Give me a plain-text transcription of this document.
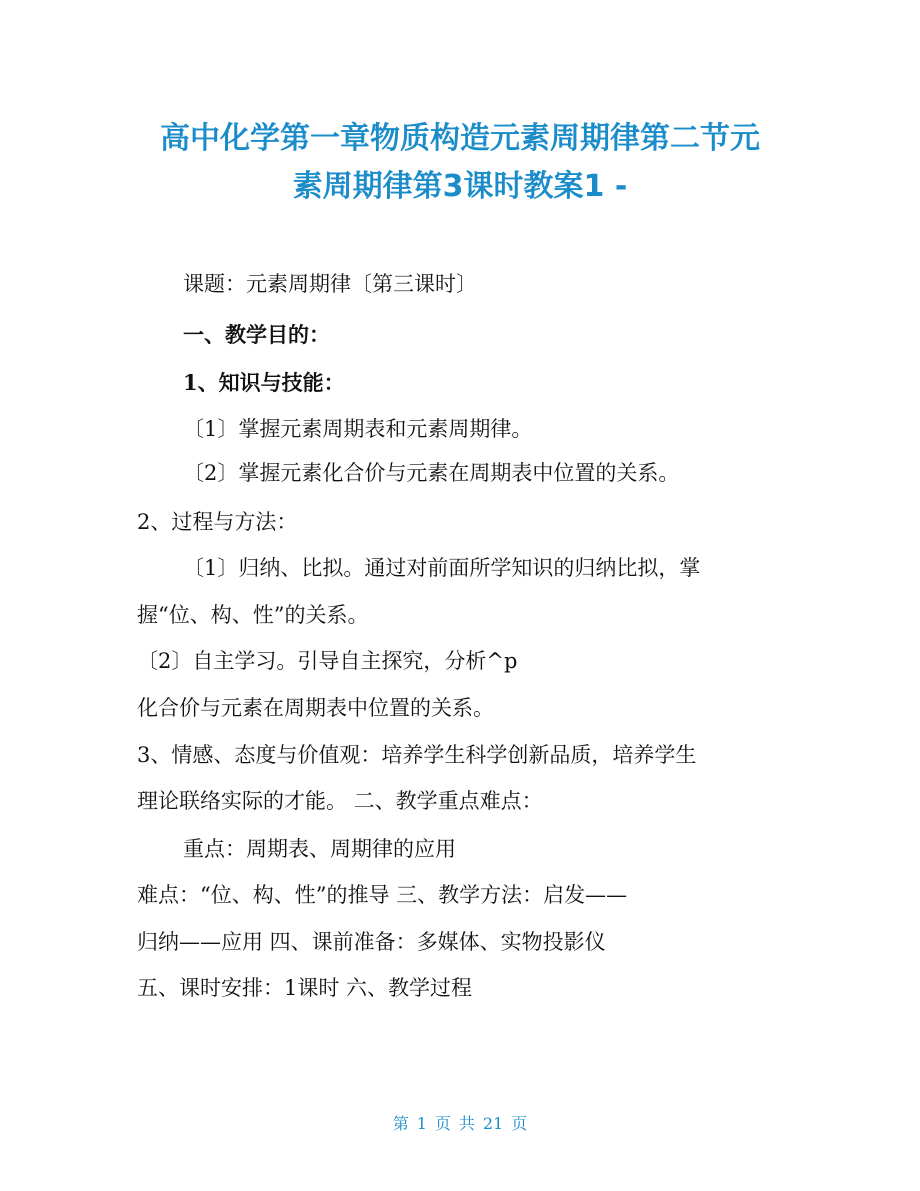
高中化学第一章物质构造元素周期律第二节元
素周期律第3课时教案1 -
课题：元素周期律〔第三课时〕
一、教学目的：
1、知识与技能：
〔1〕掌握元素周期表和元素周期律。
〔2〕掌握元素化合价与元素在周期表中位置的关系。
2、过程与方法：
〔1〕归纳、比拟。通过对前面所学知识的归纳比拟，掌
握“位、构、性”的关系。
〔2〕自主学习。引导自主探究，分析^p
化合价与元素在周期表中位置的关系。
3、情感、态度与价值观：培养学生科学创新品质，培养学生
理论联络实际的才能。 二、教学重点难点：
重点：周期表、周期律的应用
难点：“位、构、性”的推导 三、教学方法：启发——
归纳——应用 四、课前准备：多媒体、实物投影仪
五、课时安排：1课时 六、教学过程
第 1 页 共 21 页
